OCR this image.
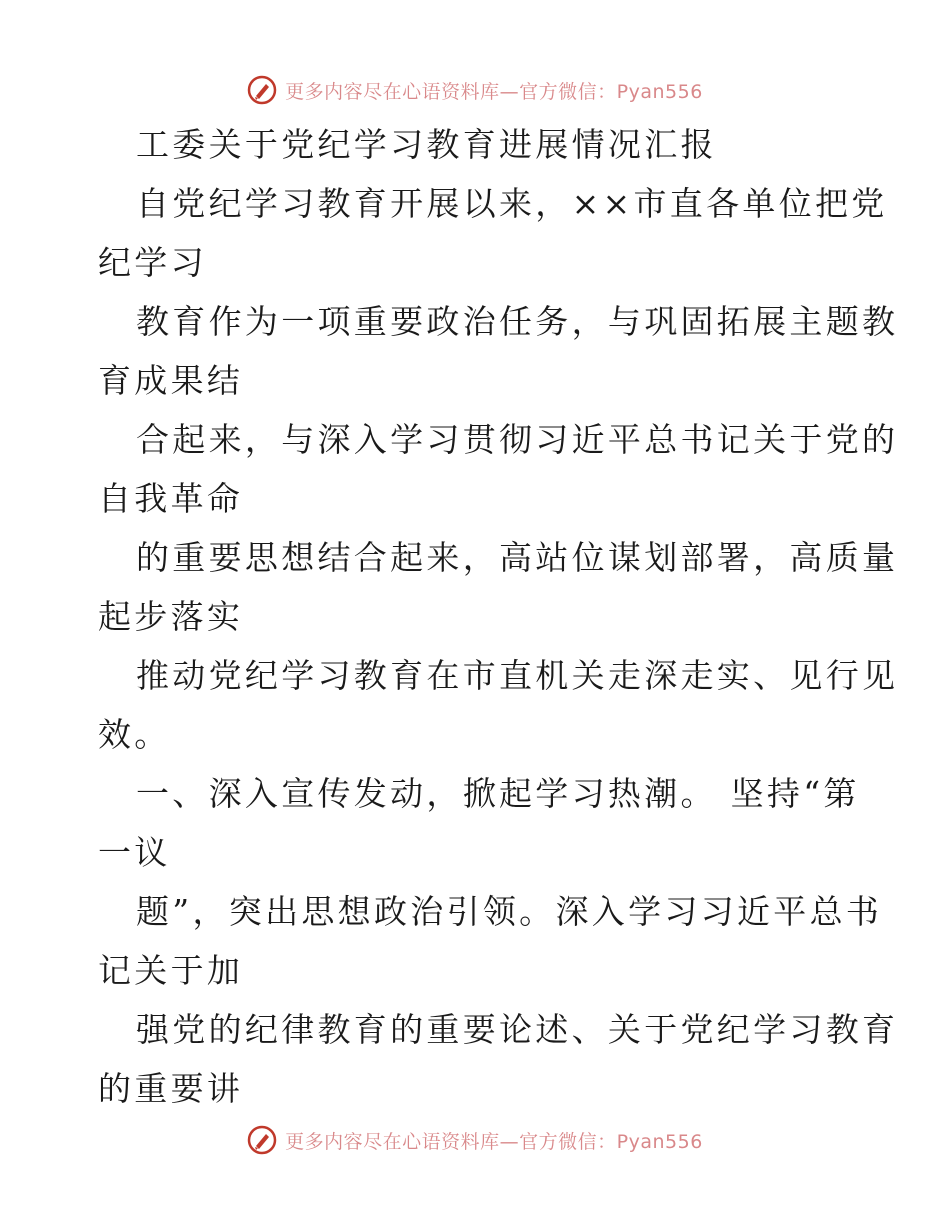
更多内容尽在心语资料库—官方微信：Pyan556
工委关于党纪学习教育进展情况汇报
自党纪学习教育开展以来，××市直各单位把党
纪学习
教育作为一项重要政治任务，与巩固拓展主题教
育成果结
合起来，与深入学习贯彻习近平总书记关于党的
自我革命
的重要思想结合起来，高站位谋划部署，高质量
起步落实
推动党纪学习教育在市直机关走深走实、见行见
效。
一、深入宣传发动，掀起学习热潮。 坚持“第
一议
题”，突出思想政治引领。深入学习习近平总书
记关于加
强党的纪律教育的重要论述、关于党纪学习教育
的重要讲
更多内容尽在心语资料库—官方微信：Pyan556
